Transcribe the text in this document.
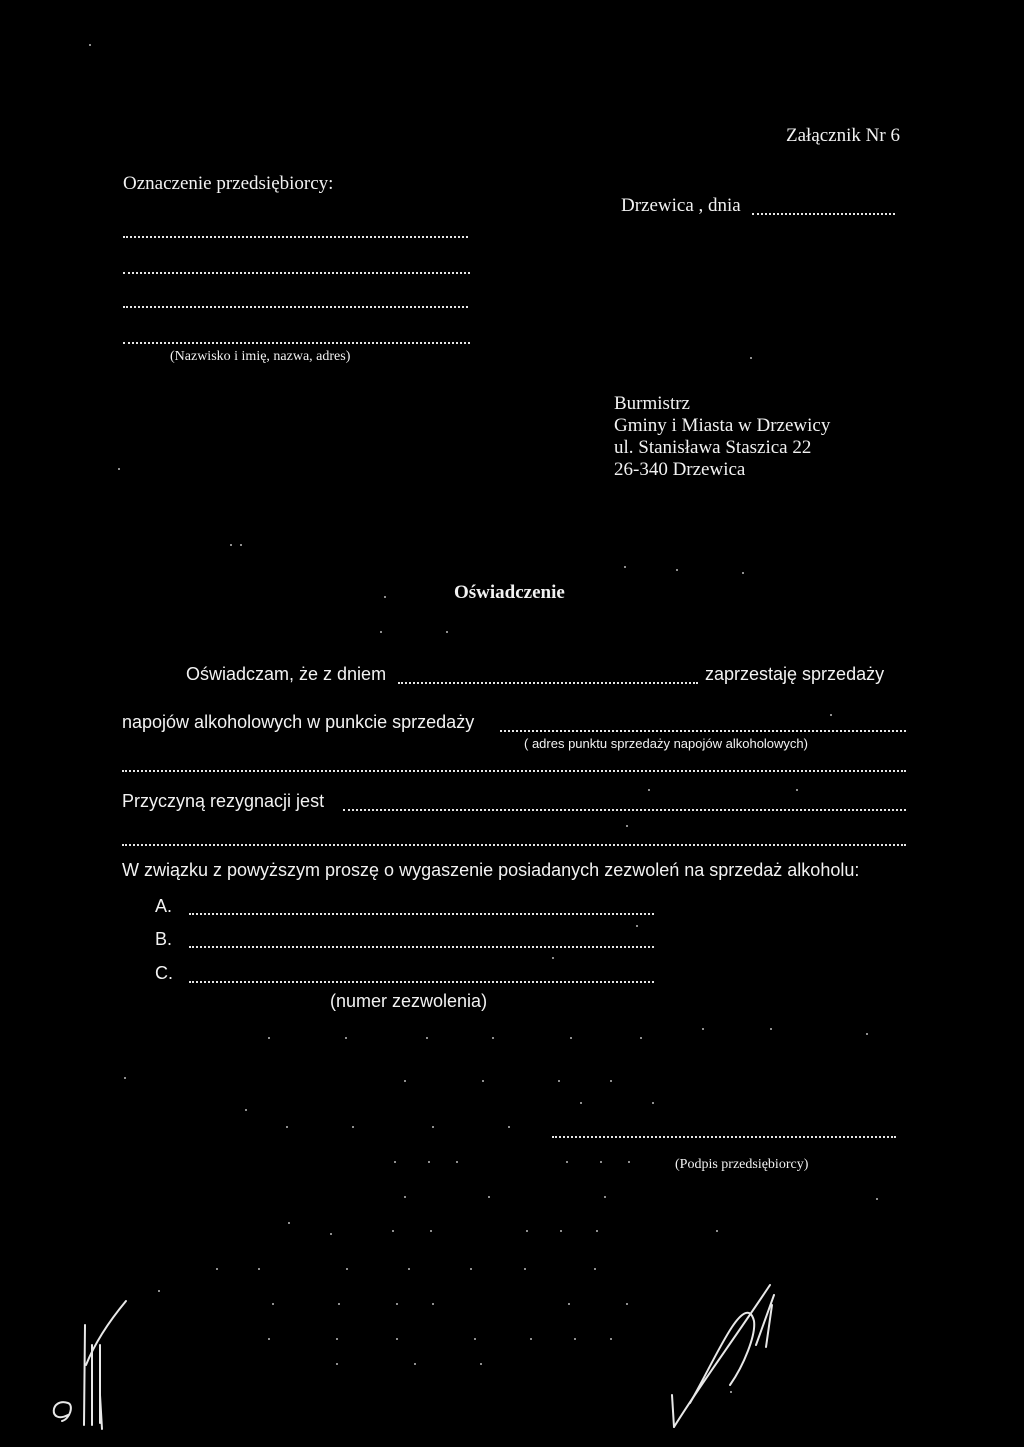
Załącznik Nr 6
Oznaczenie przedsiębiorcy:
Drzewica , dnia
(Nazwisko i imię, nazwa, adres)
Burmistrz
Gminy i Miasta w Drzewicy
ul. Stanisława Staszica 22
26-340 Drzewica
Oświadczenie
Oświadczam, że z dniem	zaprzestaję sprzedaży
napojów alkoholowych w punkcie sprzedaży
( adres punktu sprzedaży napojów alkoholowych)
Przyczyną rezygnacji jest
W związku z powyższym proszę o wygaszenie posiadanych zezwoleń na sprzedaż alkoholu:
A.
B.
C.
(numer zezwolenia)
(Podpis przedsiębiorcy)
